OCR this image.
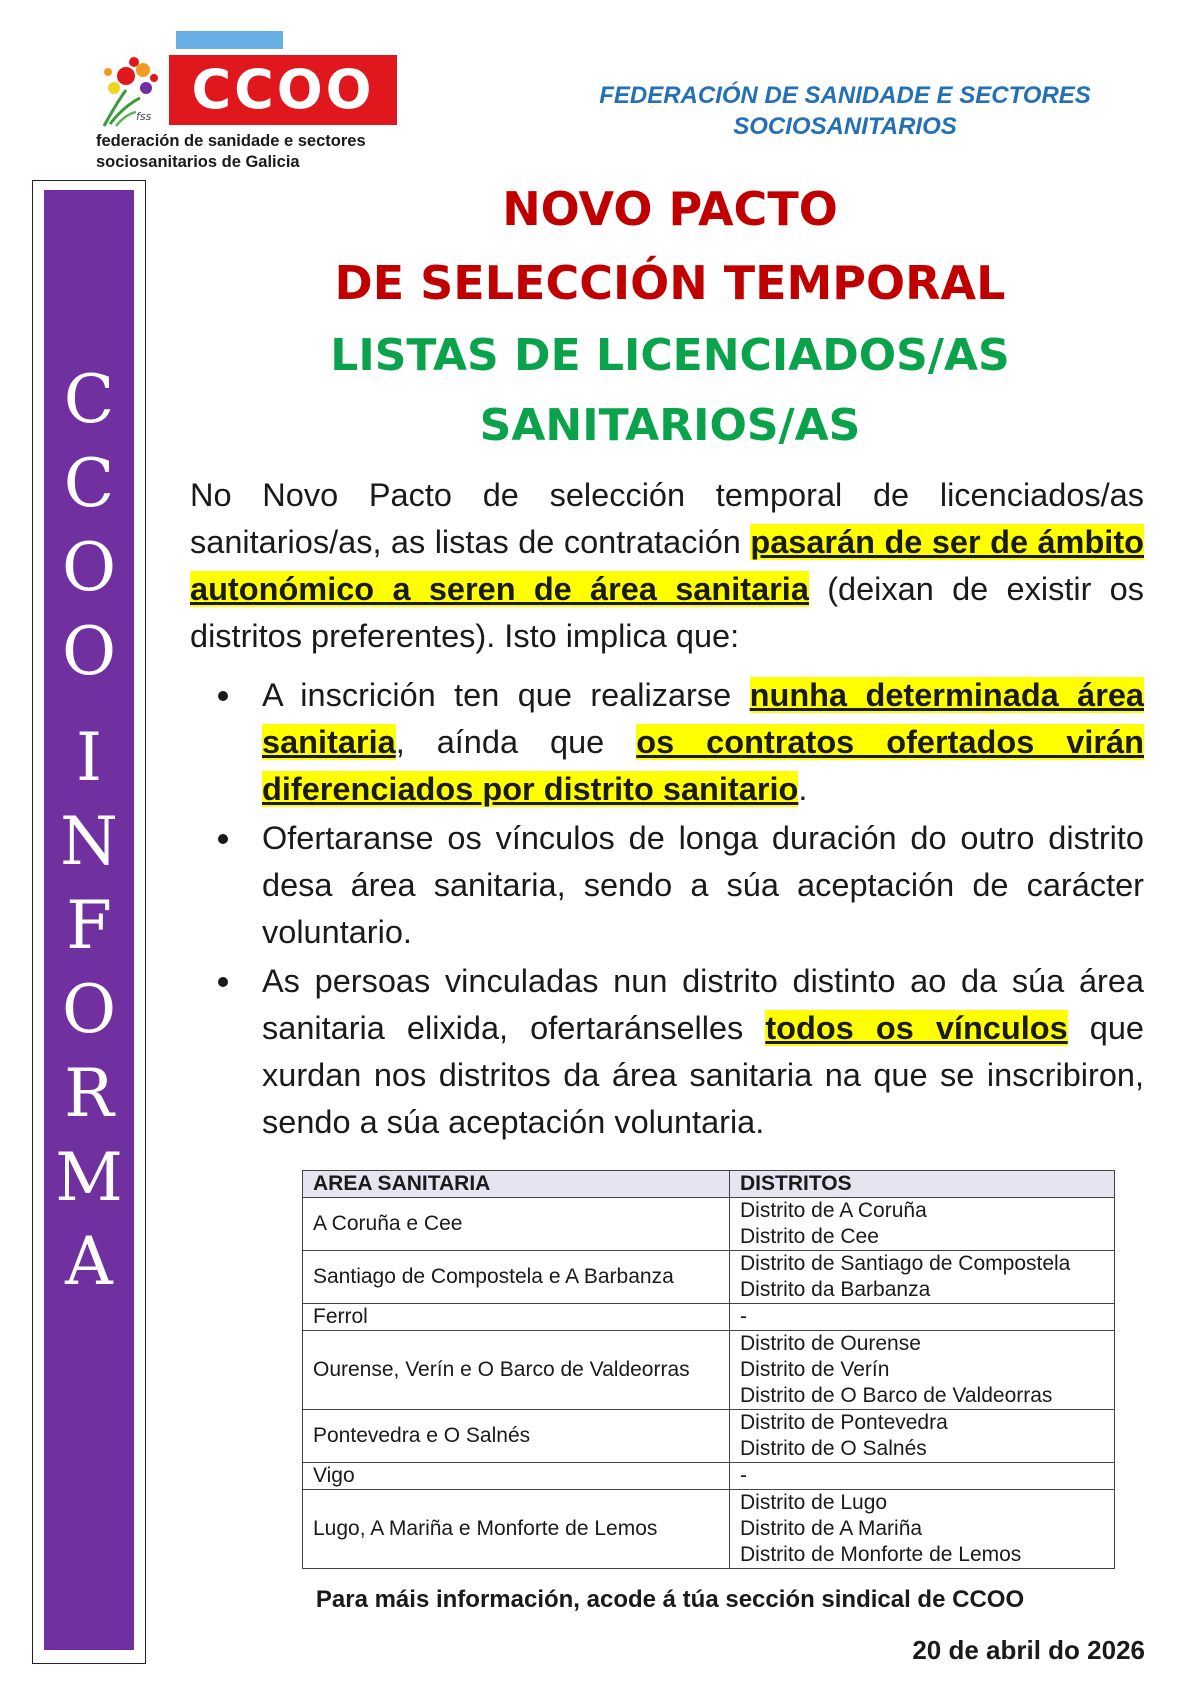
fss CCOO
federación de sanidade e sectores
sociosanitarios de Galicia
FEDERACIÓN DE SANIDADE E SECTORES
SOCIOSANITARIOS
C
C
O
O
I
N
F
O
R
M
A
NOVO PACTO
DE SELECCIÓN TEMPORAL
LISTAS DE LICENCIADOS/AS
SANITARIOS/AS
No Novo Pacto de selección temporal de licenciados/as sanitarios/as, as listas de contratación pasarán de ser de ámbito autonómico a seren de área sanitaria (deixan de existir os distritos preferentes). Isto implica que:
A inscrición ten que realizarse nunha determinada área sanitaria, aínda que os contratos ofertados virán diferenciados por distrito sanitario.
Ofertaranse os vínculos de longa duración do outro distrito desa área sanitaria, sendo a súa aceptación de carácter voluntario.
As persoas vinculadas nun distrito distinto ao da súa área sanitaria elixida, ofertaránselles todos os vínculos que xurdan nos distritos da área sanitaria na que se inscribiron, sendo a súa aceptación voluntaria.
AREA SANITARIA	DISTRITOS
A Coruña e Cee	Distrito de A Coruña
Distrito de Cee

Santiago de Compostela e A Barbanza	Distrito de Santiago de Compostela
Distrito da Barbanza

Ferrol	-

Ourense, Verín e O Barco de Valdeorras	Distrito de Ourense
Distrito de Verín
Distrito de O Barco de Valdeorras

Pontevedra e O Salnés	Distrito de Pontevedra
Distrito de O Salnés

Vigo	-

Lugo, A Mariña e Monforte de Lemos	Distrito de Lugo
Distrito de A Mariña
Distrito de Monforte de Lemos
Para máis información, acode á túa sección sindical de CCOO
20 de abril do 2026
